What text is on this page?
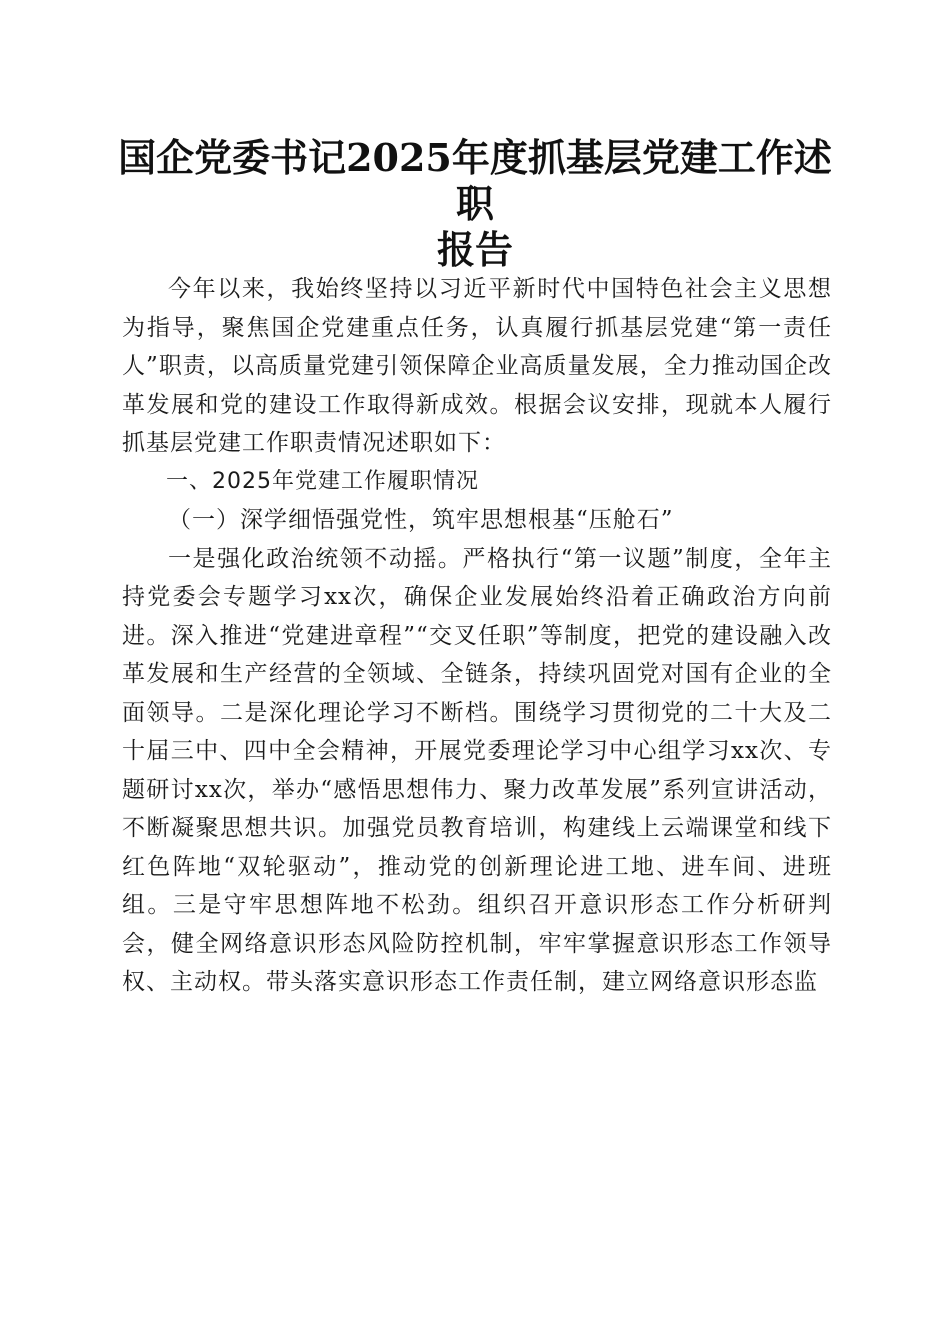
国企党委书记2025年度抓基层党建工作述职
报告

今年以来，我始终坚持以习近平新时代中国特色社会主义思想为指导，聚焦国企党建重点任务，认真履行抓基层党建“第一责任人”职责，以高质量党建引领保障企业高质量发展，全力推动国企改革发展和党的建设工作取得新成效。根据会议安排，现就本人履行抓基层党建工作职责情况述职如下：

一、2025年党建工作履职情况

（一）深学细悟强党性，筑牢思想根基“压舱石”

一是强化政治统领不动摇。严格执行“第一议题”制度，全年主持党委会专题学习xx次，确保企业发展始终沿着正确政治方向前进。深入推进“党建进章程”“交叉任职”等制度，把党的建设融入改革发展和生产经营的全领域、全链条，持续巩固党对国有企业的全面领导。二是深化理论学习不断档。围绕学习贯彻党的二十大及二十届三中、四中全会精神，开展党委理论学习中心组学习xx次、专题研讨xx次，举办“感悟思想伟力、聚力改革发展”系列宣讲活动，不断凝聚思想共识。加强党员教育培训，构建线上云端课堂和线下红色阵地“双轮驱动”，推动党的创新理论进工地、进车间、进班组。三是守牢思想阵地不松劲。组织召开意识形态工作分析研判会，健全网络意识形态风险防控机制，牢牢掌握意识形态工作领导权、主动权。带头落实意识形态工作责任制，建立网络意识形态监
